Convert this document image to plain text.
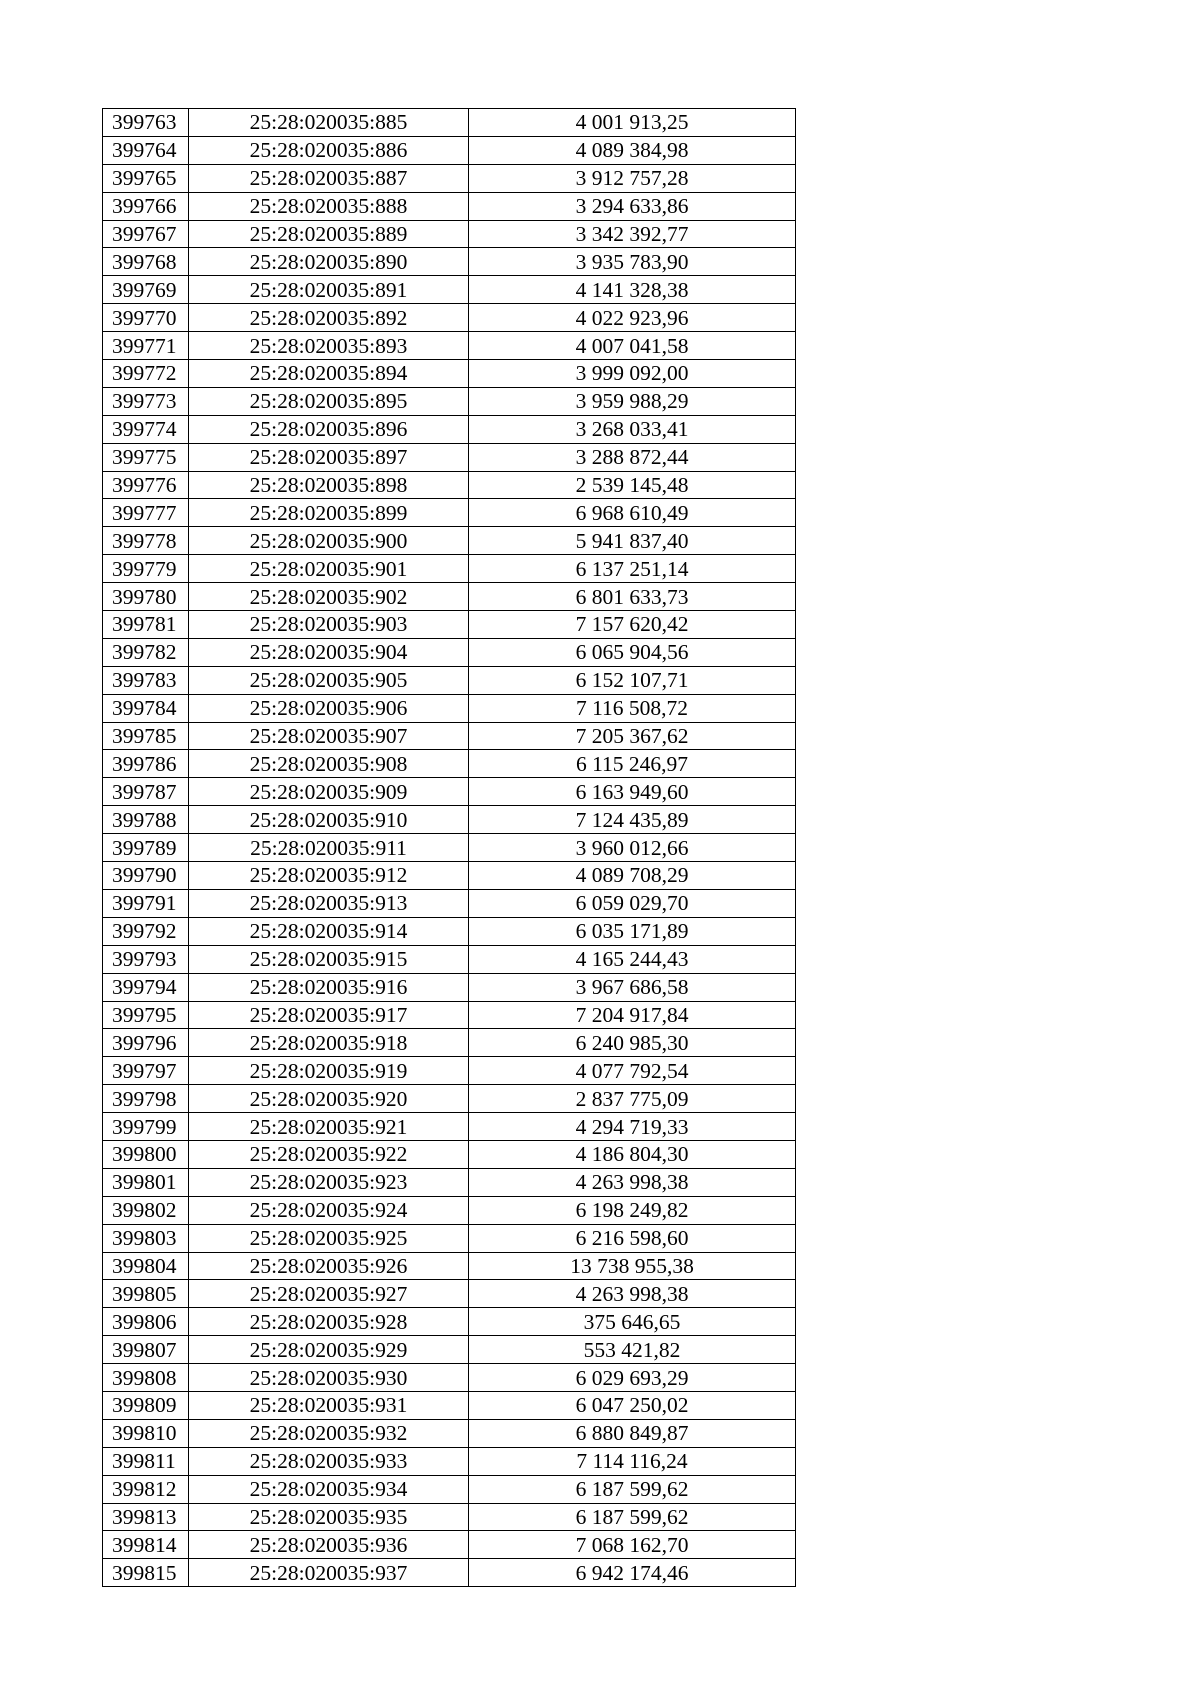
399763	25:28:020035:885	4 001 913,25
399764	25:28:020035:886	4 089 384,98
399765	25:28:020035:887	3 912 757,28
399766	25:28:020035:888	3 294 633,86
399767	25:28:020035:889	3 342 392,77
399768	25:28:020035:890	3 935 783,90
399769	25:28:020035:891	4 141 328,38
399770	25:28:020035:892	4 022 923,96
399771	25:28:020035:893	4 007 041,58
399772	25:28:020035:894	3 999 092,00
399773	25:28:020035:895	3 959 988,29
399774	25:28:020035:896	3 268 033,41
399775	25:28:020035:897	3 288 872,44
399776	25:28:020035:898	2 539 145,48
399777	25:28:020035:899	6 968 610,49
399778	25:28:020035:900	5 941 837,40
399779	25:28:020035:901	6 137 251,14
399780	25:28:020035:902	6 801 633,73
399781	25:28:020035:903	7 157 620,42
399782	25:28:020035:904	6 065 904,56
399783	25:28:020035:905	6 152 107,71
399784	25:28:020035:906	7 116 508,72
399785	25:28:020035:907	7 205 367,62
399786	25:28:020035:908	6 115 246,97
399787	25:28:020035:909	6 163 949,60
399788	25:28:020035:910	7 124 435,89
399789	25:28:020035:911	3 960 012,66
399790	25:28:020035:912	4 089 708,29
399791	25:28:020035:913	6 059 029,70
399792	25:28:020035:914	6 035 171,89
399793	25:28:020035:915	4 165 244,43
399794	25:28:020035:916	3 967 686,58
399795	25:28:020035:917	7 204 917,84
399796	25:28:020035:918	6 240 985,30
399797	25:28:020035:919	4 077 792,54
399798	25:28:020035:920	2 837 775,09
399799	25:28:020035:921	4 294 719,33
399800	25:28:020035:922	4 186 804,30
399801	25:28:020035:923	4 263 998,38
399802	25:28:020035:924	6 198 249,82
399803	25:28:020035:925	6 216 598,60
399804	25:28:020035:926	13 738 955,38
399805	25:28:020035:927	4 263 998,38
399806	25:28:020035:928	375 646,65
399807	25:28:020035:929	553 421,82
399808	25:28:020035:930	6 029 693,29
399809	25:28:020035:931	6 047 250,02
399810	25:28:020035:932	6 880 849,87
399811	25:28:020035:933	7 114 116,24
399812	25:28:020035:934	6 187 599,62
399813	25:28:020035:935	6 187 599,62
399814	25:28:020035:936	7 068 162,70
399815	25:28:020035:937	6 942 174,46
